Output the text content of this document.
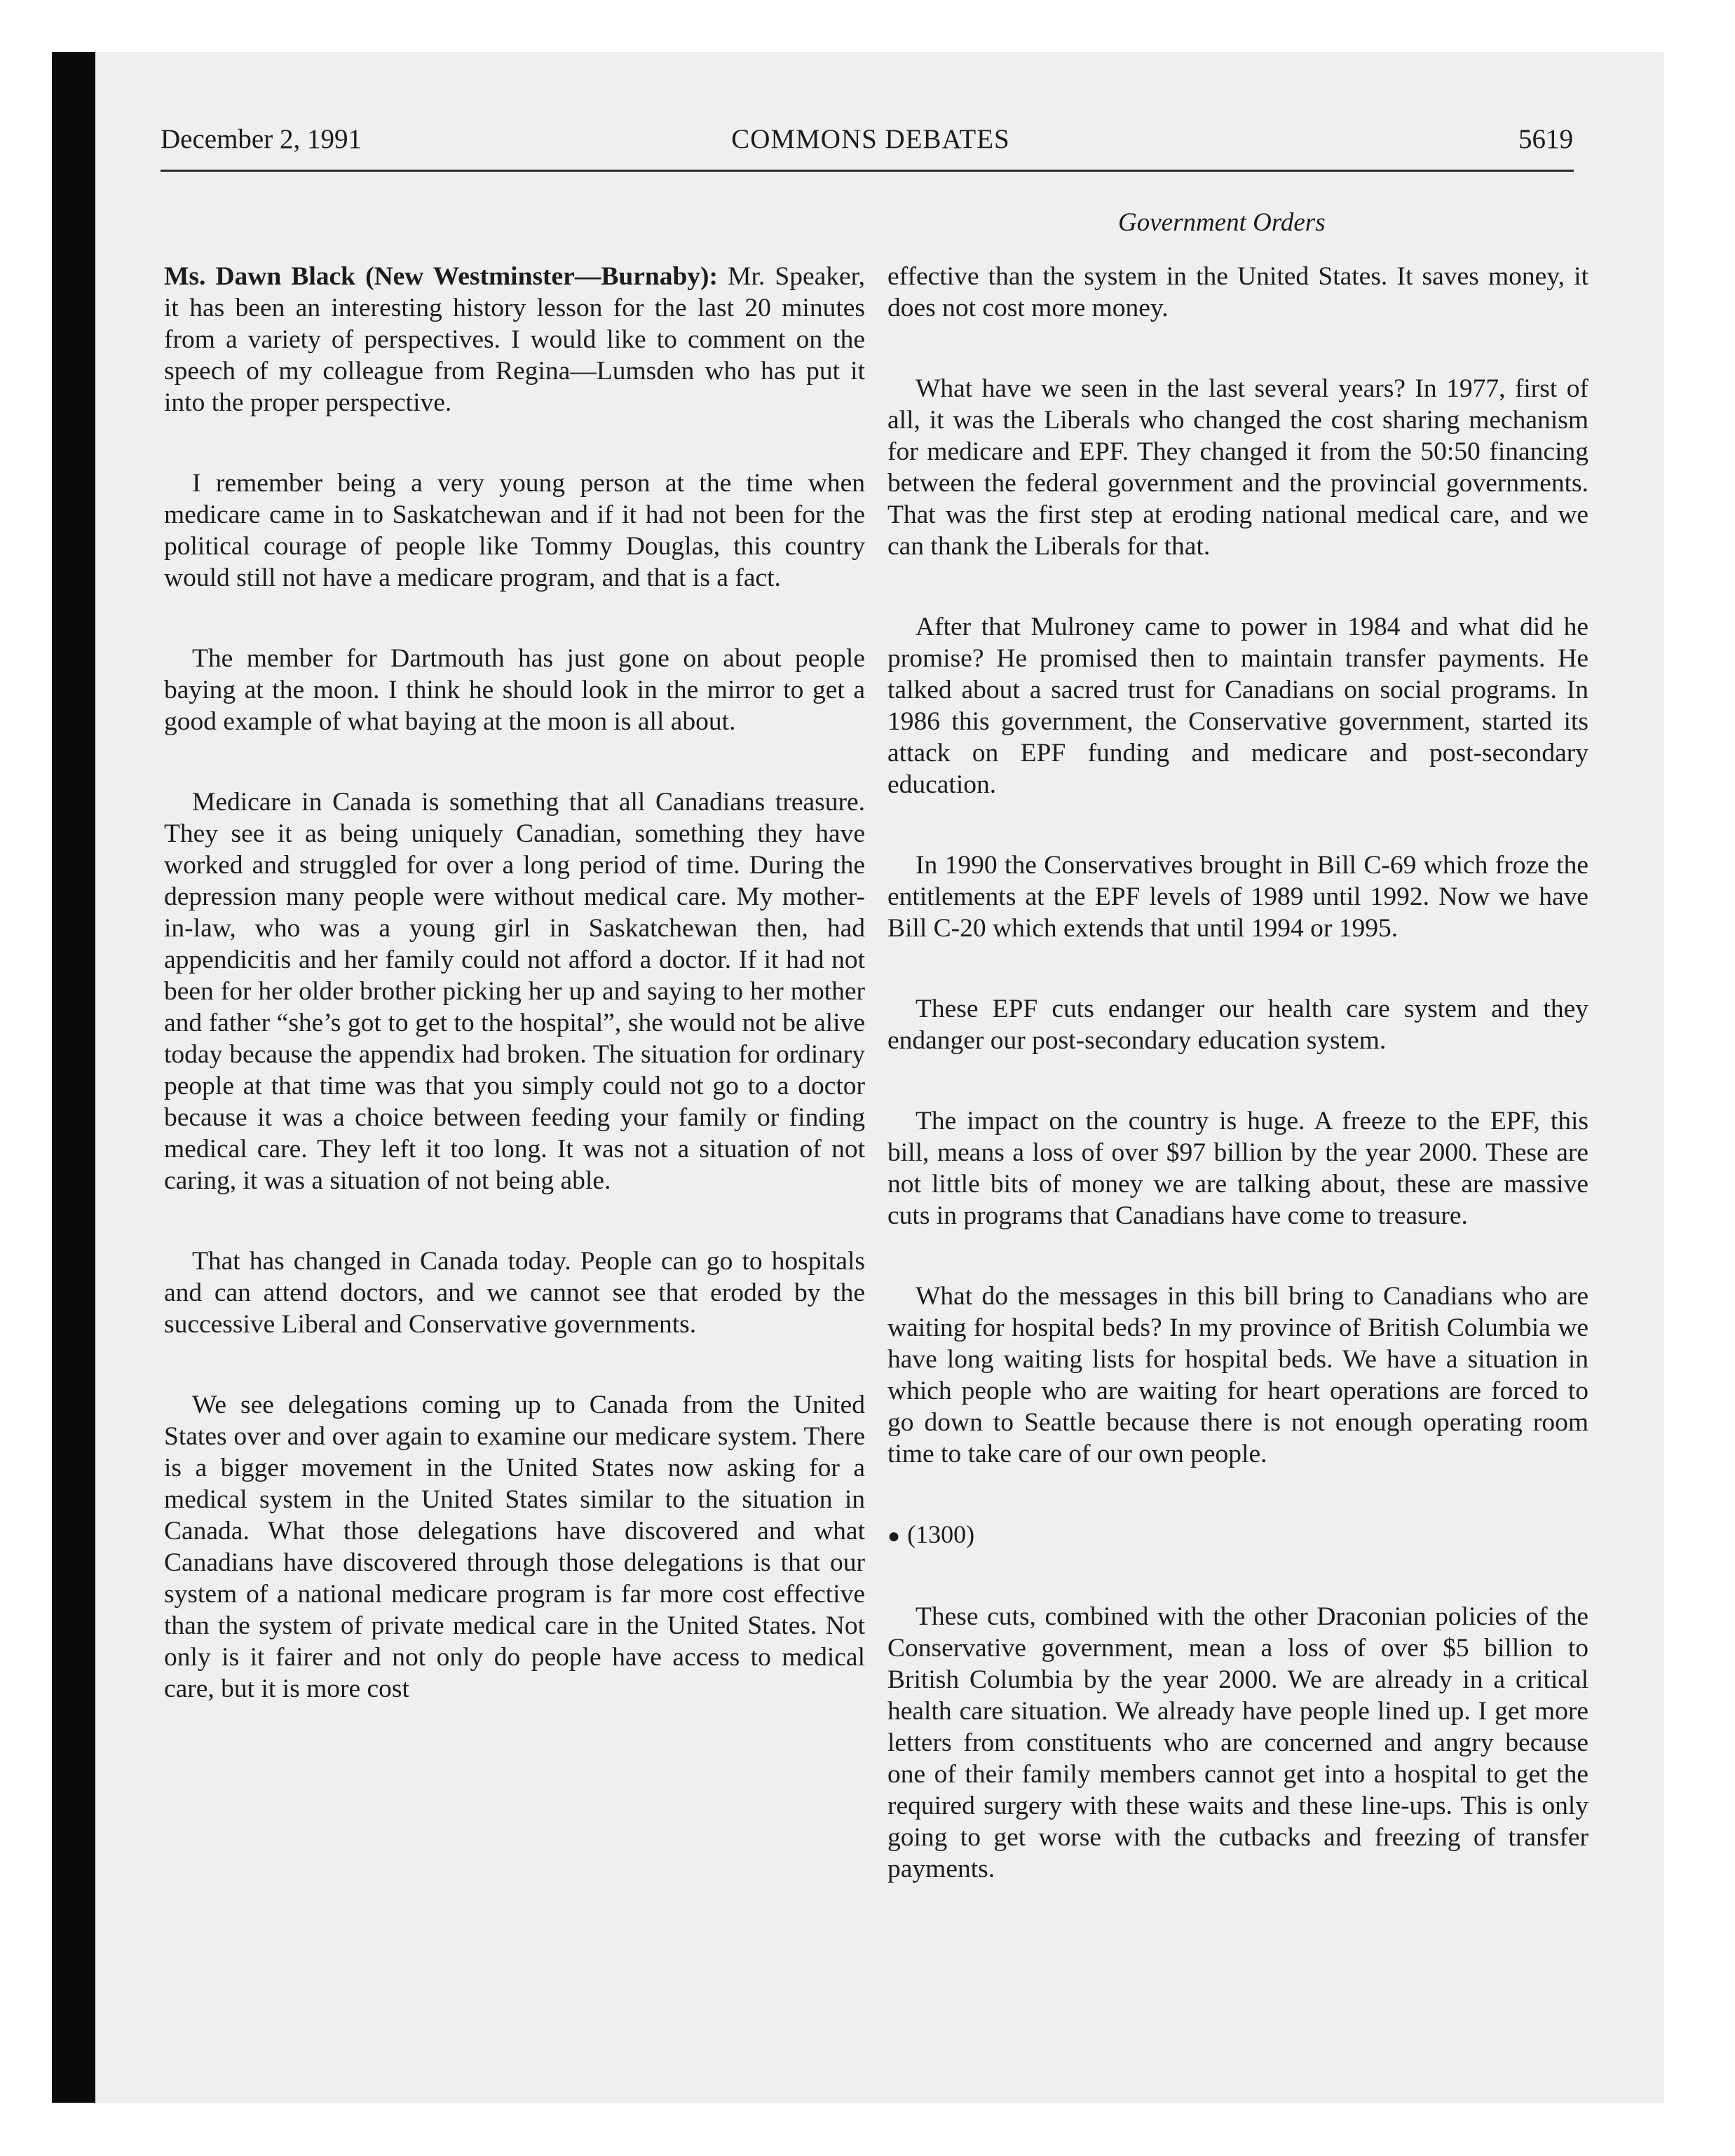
December 2, 1991	COMMONS DEBATES	5619
Government Orders

Ms. Dawn Black (New Westminster—Burnaby): Mr. Speaker, it has been an interesting history lesson for the last 20 minutes from a variety of perspectives. I would like to comment on the speech of my colleague from Regina—Lumsden who has put it into the proper perspective.

I remember being a very young person at the time when medicare came in to Saskatchewan and if it had not been for the political courage of people like Tommy Douglas, this country would still not have a medicare program, and that is a fact.

The member for Dartmouth has just gone on about people baying at the moon. I think he should look in the mirror to get a good example of what baying at the moon is all about.

Medicare in Canada is something that all Canadians treasure. They see it as being uniquely Canadian, something they have worked and struggled for over a long period of time. During the depression many people were without medical care. My mother-in-law, who was a young girl in Saskatchewan then, had appendicitis and her family could not afford a doctor. If it had not been for her older brother picking her up and saying to her mother and father “she’s got to get to the hospital”, she would not be alive today because the appendix had broken. The situation for ordinary people at that time was that you simply could not go to a doctor because it was a choice between feeding your family or finding medical care. They left it too long. It was not a situation of not caring, it was a situation of not being able.

That has changed in Canada today. People can go to hospitals and can attend doctors, and we cannot see that eroded by the successive Liberal and Conservative governments.

We see delegations coming up to Canada from the United States over and over again to examine our medicare system. There is a bigger movement in the United States now asking for a medical system in the United States similar to the situation in Canada. What those delegations have discovered and what Canadians have discovered through those delegations is that our system of a national medicare program is far more cost effective than the system of private medical care in the United States. Not only is it fairer and not only do people have access to medical care, but it is more cost

effective than the system in the United States. It saves money, it does not cost more money.

What have we seen in the last several years? In 1977, first of all, it was the Liberals who changed the cost sharing mechanism for medicare and EPF. They changed it from the 50:50 financing between the federal government and the provincial governments. That was the first step at eroding national medical care, and we can thank the Liberals for that.

After that Mulroney came to power in 1984 and what did he promise? He promised then to maintain transfer payments. He talked about a sacred trust for Canadians on social programs. In 1986 this government, the Conservative government, started its attack on EPF funding and medicare and post-secondary education.

In 1990 the Conservatives brought in Bill C-69 which froze the entitlements at the EPF levels of 1989 until 1992. Now we have Bill C-20 which extends that until 1994 or 1995.

These EPF cuts endanger our health care system and they endanger our post-secondary education system.

The impact on the country is huge. A freeze to the EPF, this bill, means a loss of over $97 billion by the year 2000. These are not little bits of money we are talking about, these are massive cuts in programs that Canadians have come to treasure.

What do the messages in this bill bring to Canadians who are waiting for hospital beds? In my province of British Columbia we have long waiting lists for hospital beds. We have a situation in which people who are waiting for heart operations are forced to go down to Seattle because there is not enough operating room time to take care of our own people.

● (1300)

These cuts, combined with the other Draconian policies of the Conservative government, mean a loss of over $5 billion to British Columbia by the year 2000. We are already in a critical health care situation. We already have people lined up. I get more letters from constituents who are concerned and angry because one of their family members cannot get into a hospital to get the required surgery with these waits and these line-ups. This is only going to get worse with the cutbacks and freezing of transfer payments.
